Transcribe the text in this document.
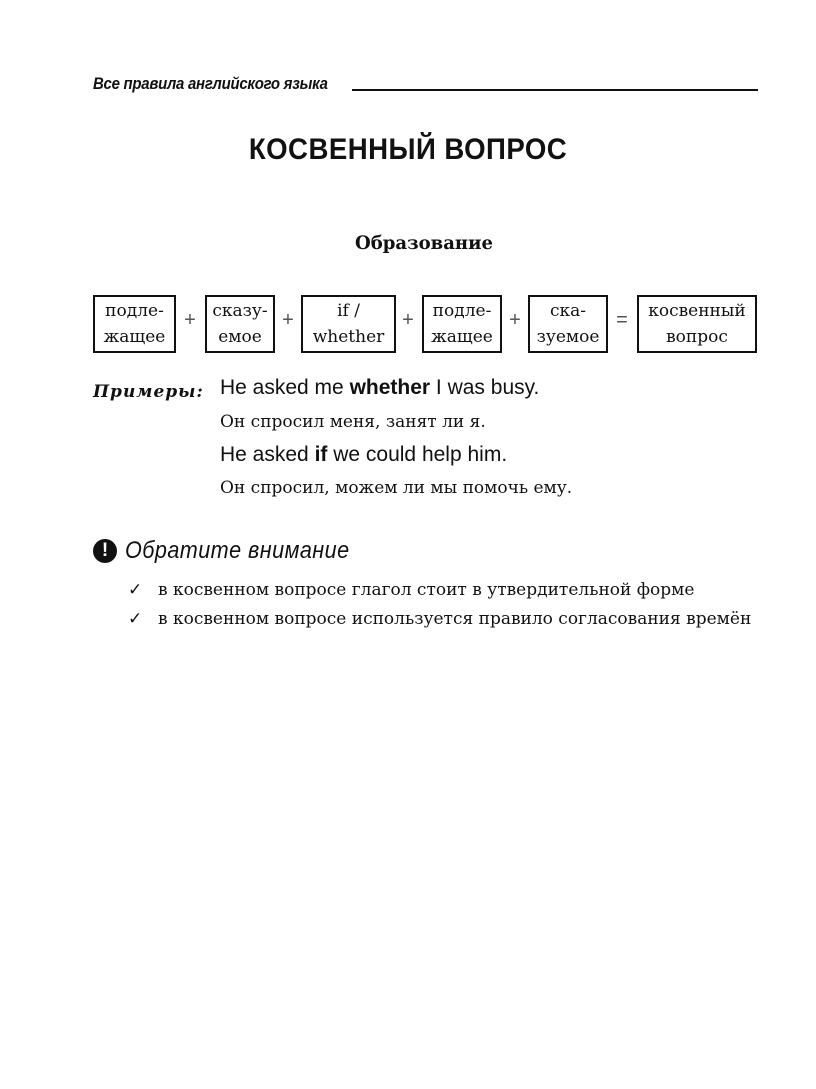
Все правила английского языка
КОСВЕННЫЙ ВОПРОС
Образование
подле-
жащее
+ сказу-
емое
+	if /
whether
+ подле-
жащее
+ ска-
зуемое
= косвенный
вопрос
Примеры: He asked me whether I was busy.
Он спросил меня, занят ли я.
He asked if we could help him.
Он спросил, можем ли мы помочь ему.
! Обратите внимание
✓ в косвенном вопросе глагол стоит в утвердительной форме
✓ в косвенном вопросе используется правило согласования времён
